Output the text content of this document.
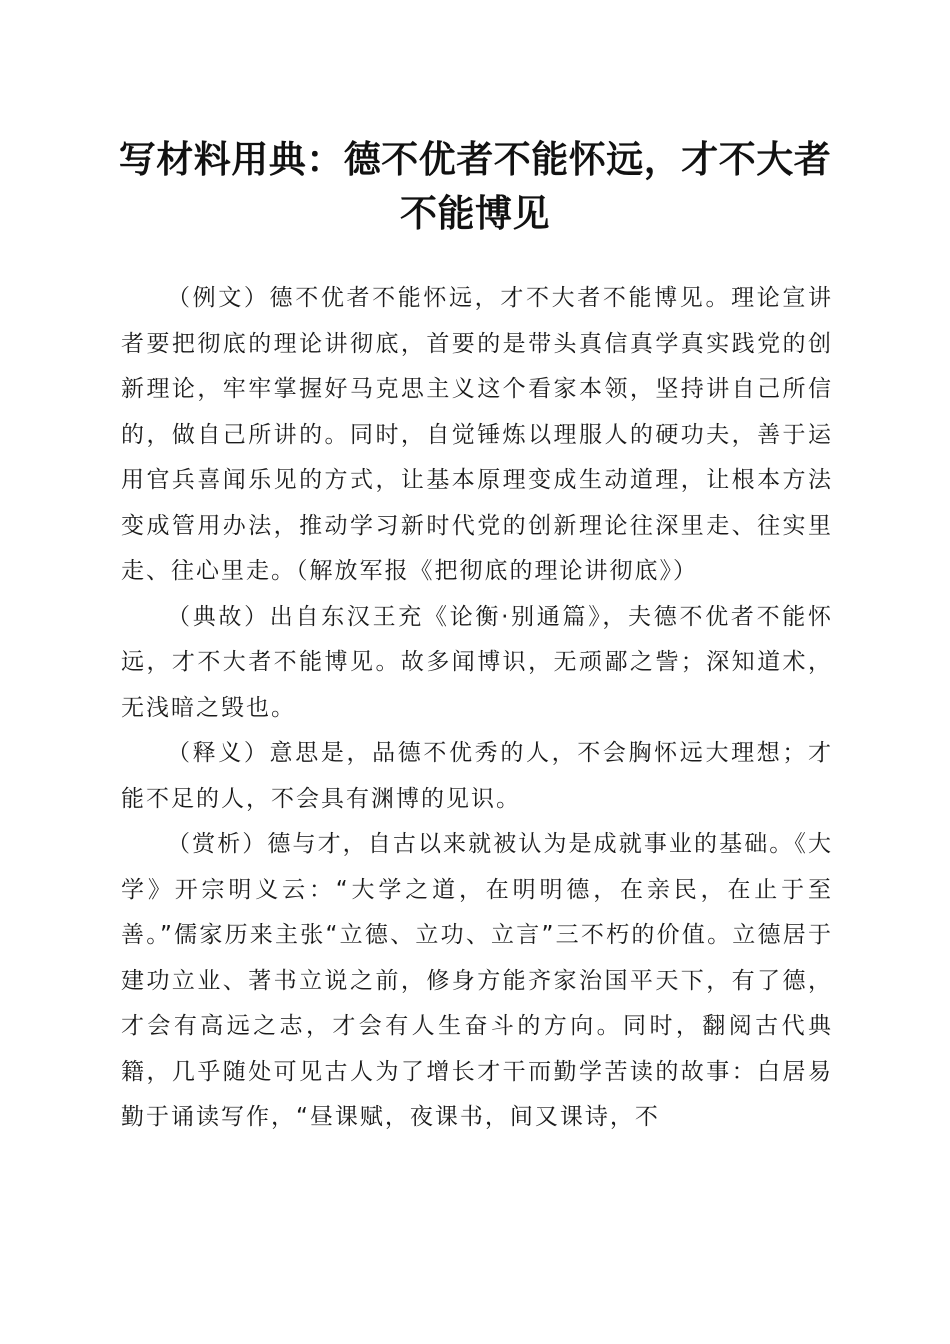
写材料用典：德不优者不能怀远，才不大者不能博见

（例文）德不优者不能怀远，才不大者不能博见。理论宣讲者要把彻底的理论讲彻底，首要的是带头真信真学真实践党的创新理论，牢牢掌握好马克思主义这个看家本领，坚持讲自己所信的，做自己所讲的。同时，自觉锤炼以理服人的硬功夫，善于运用官兵喜闻乐见的方式，让基本原理变成生动道理，让根本方法变成管用办法，推动学习新时代党的创新理论往深里走、往实里走、往心里走。（解放军报《把彻底的理论讲彻底》）

（典故）出自东汉王充《论衡·别通篇》，夫德不优者不能怀远，才不大者不能博见。故多闻博识，无顽鄙之訾；深知道术，无浅暗之毁也。

（释义）意思是，品德不优秀的人，不会胸怀远大理想；才能不足的人，不会具有渊博的见识。

（赏析）德与才，自古以来就被认为是成就事业的基础。《大学》开宗明义云：“大学之道，在明明德，在亲民，在止于至善。”儒家历来主张“立德、立功、立言”三不朽的价值。立德居于建功立业、著书立说之前，修身方能齐家治国平天下，有了德，才会有高远之志，才会有人生奋斗的方向。同时，翻阅古代典籍，几乎随处可见古人为了增长才干而勤学苦读的故事：白居易勤于诵读写作，“昼课赋，夜课书，间又课诗，不
